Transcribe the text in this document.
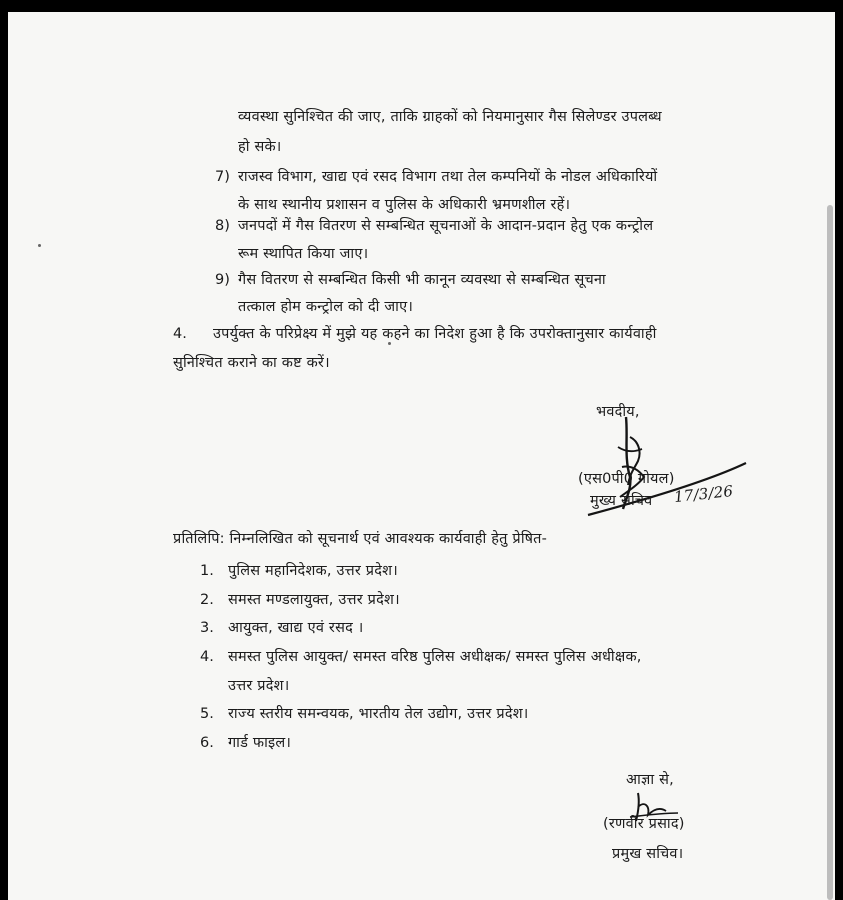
व्यवस्था सुनिश्चित की जाए, ताकि ग्राहकों को नियमानुसार गैस सिलेण्डर उपलब्ध
हो सके।
7) राजस्व विभाग, खाद्य एवं रसद विभाग तथा तेल कम्पनियों के नोडल अधिकारियों
के साथ स्थानीय प्रशासन व पुलिस के अधिकारी भ्रमणशील रहें।
8) जनपदों में गैस वितरण से सम्बन्धित सूचनाओं के आदान-प्रदान हेतु एक कन्ट्रोल
रूम स्थापित किया जाए।
9) गैस वितरण से सम्बन्धित किसी भी कानून व्यवस्था से सम्बन्धित सूचना
तत्काल होम कन्ट्रोल को दी जाए।
4. उपर्युक्त के परिप्रेक्ष्य में मुझे यह कहने का निदेश हुआ है कि उपरोक्तानुसार कार्यवाही
सुनिश्चित कराने का कष्ट करें।
भवदीय,
(एस0पी0 गोयल)
मुख्य सचिव 17/3/26
प्रतिलिपि: निम्नलिखित को सूचनार्थ एवं आवश्यक कार्यवाही हेतु प्रेषित-
1. पुलिस महानिदेशक, उत्तर प्रदेश।
2. समस्त मण्डलायुक्त, उत्तर प्रदेश।
3. आयुक्त, खाद्य एवं रसद ।
4. समस्त पुलिस आयुक्त/ समस्त वरिष्ठ पुलिस अधीक्षक/ समस्त पुलिस अधीक्षक,
उत्तर प्रदेश।
5. राज्य स्तरीय समन्वयक, भारतीय तेल उद्योग, उत्तर प्रदेश।
6. गार्ड फाइल।
आज्ञा से,
(रणवीर प्रसाद)
प्रमुख सचिव।
